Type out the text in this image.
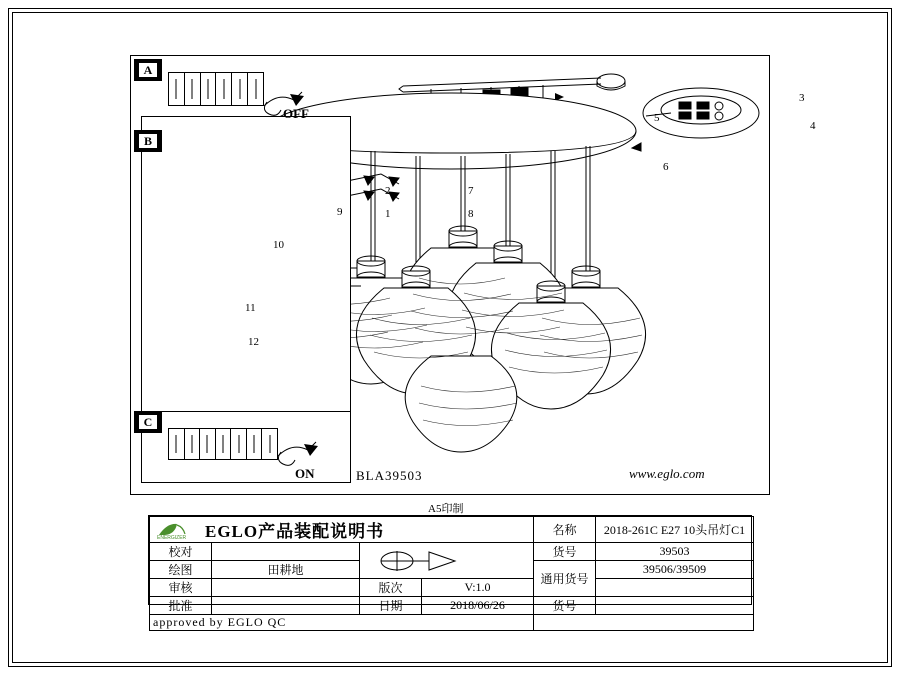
BLA39503	www.eglo.com
A
OFF
B
C
ON
3
4
5
6
2
1
7
8
9
10
11
12
A5印制
ENERGIZER EGLO产品装配说明书				名称	2018-261C E27 10头吊灯C1
校对				货号	39503
绘图	田耕地			通用货号	39506/39509
审核		版次	V:1.0		
批准		日期	2018/06/26	货号	
approved by EGLO QC					
